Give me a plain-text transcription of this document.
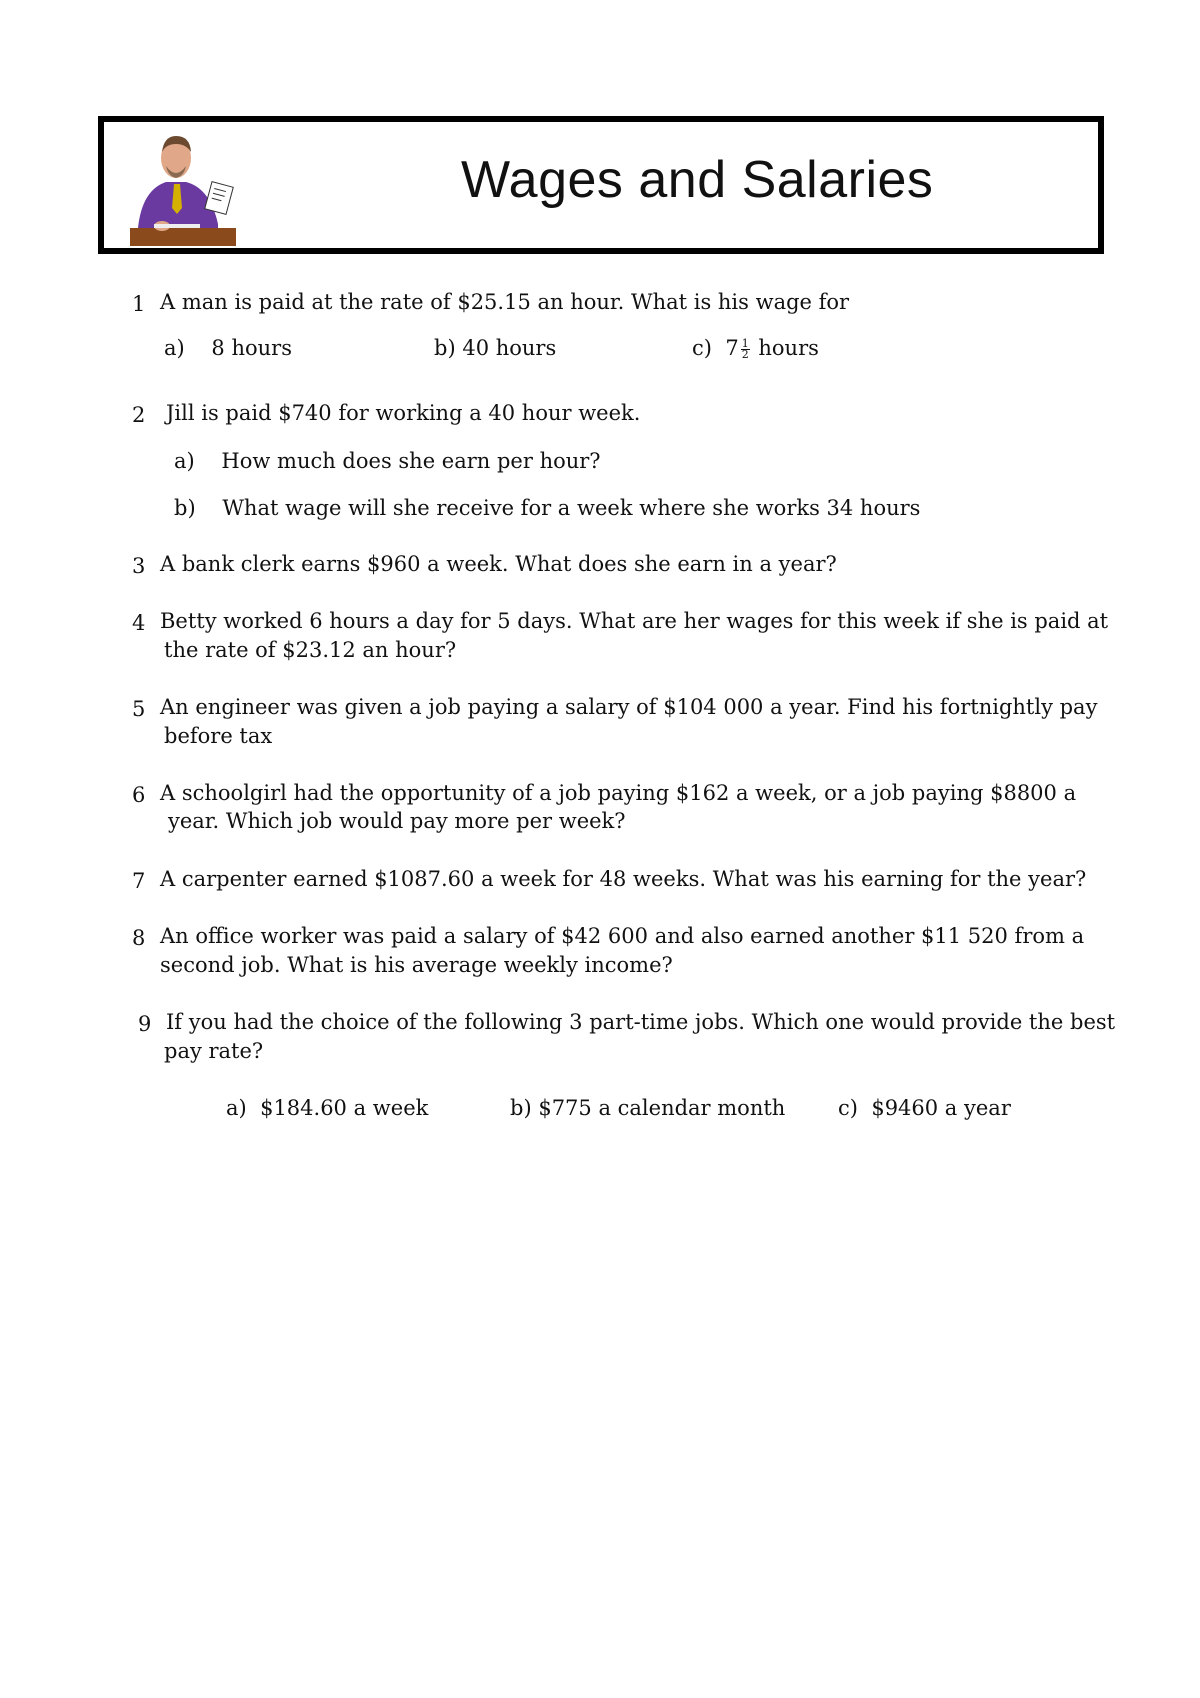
Wages and Salaries
1 A man is paid at the rate of $25.15 an hour. What is his wage for
a) 8 hours	b) 40 hours	c) $7 \frac{1}{2}$ hours
2 Jill is paid $740 for working a 40 hour week.
a) How much does she earn per hour?
b) What wage will she receive for a week where she works 34 hours
3 A bank clerk earns $960 a week. What does she earn in a year?
4 Betty worked 6 hours a day for 5 days. What are her wages for this week if she is paid at
the rate of $23.12 an hour?
5 An engineer was given a job paying a salary of $104 000 a year. Find his fortnightly pay
before tax
6 A schoolgirl had the opportunity of a job paying $162 a week, or a job paying $8800 a
year. Which job would pay more per week?
7 A carpenter earned $1087.60 a week for 48 weeks. What was his earning for the year?
8 An office worker was paid a salary of $42 600 and also earned another $11 520 from a
second job. What is his average weekly income?
9 If you had the choice of the following 3 part-time jobs. Which one would provide the best
pay rate?
a) $184.60 a week	b) $775 a calendar month	c) $9460 a year
